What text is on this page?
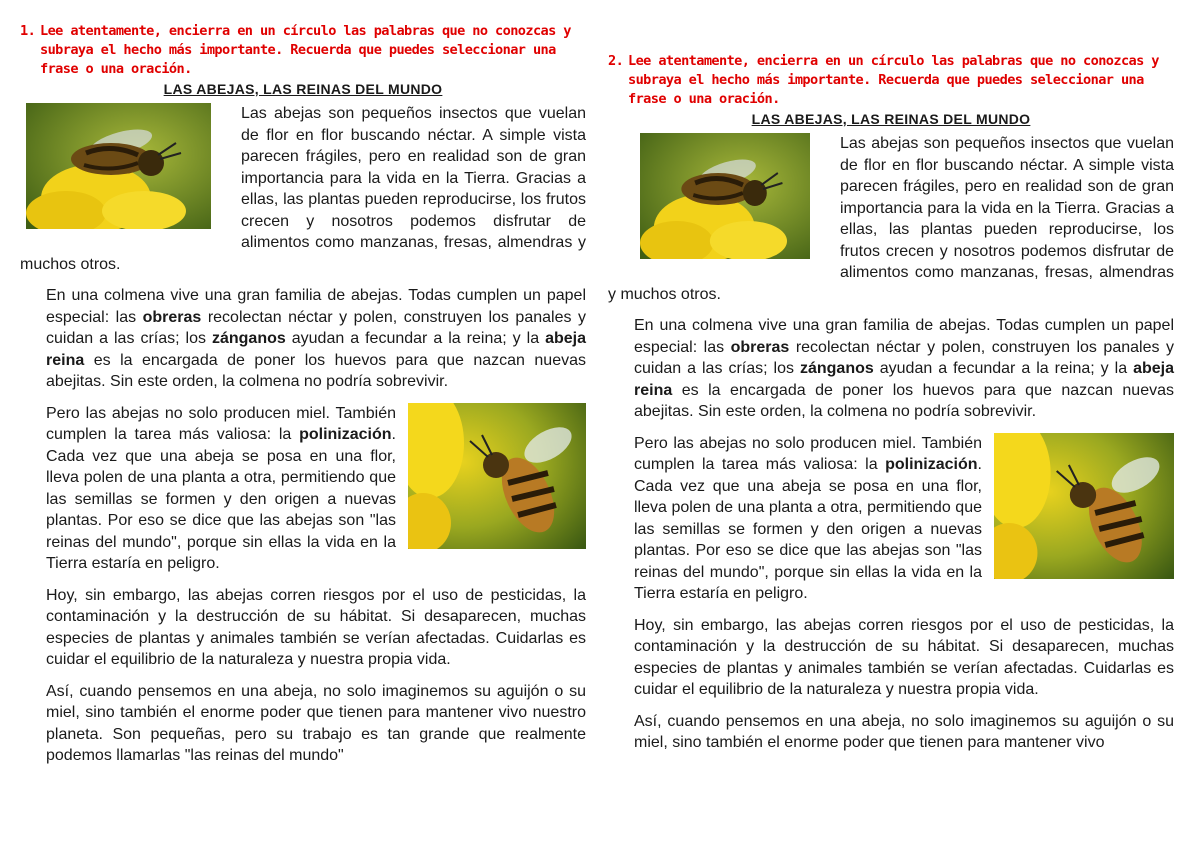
1. Lee atentamente, encierra en un círculo las palabras que no conozcas y subraya el hecho más importante. Recuerda que puedes seleccionar una frase o una oración.

LAS ABEJAS, LAS REINAS DEL MUNDO

Las abejas son pequeños insectos que vuelan de flor en flor buscando néctar. A simple vista parecen frágiles, pero en realidad son de gran importancia para la vida en la Tierra. Gracias a ellas, las plantas pueden reproducirse, los frutos crecen y nosotros podemos disfrutar de alimentos como manzanas, fresas, almendras y muchos otros.

En una colmena vive una gran familia de abejas. Todas cumplen un papel especial: las obreras recolectan néctar y polen, construyen los panales y cuidan a las crías; los zánganos ayudan a fecundar a la reina; y la abeja reina es la encargada de poner los huevos para que nazcan nuevas abejitas. Sin este orden, la colmena no podría sobrevivir.

Pero las abejas no solo producen miel. También cumplen la tarea más valiosa: la polinización. Cada vez que una abeja se posa en una flor, lleva polen de una planta a otra, permitiendo que las semillas se formen y den origen a nuevas plantas. Por eso se dice que las abejas son "las reinas del mundo", porque sin ellas la vida en la Tierra estaría en peligro.

Hoy, sin embargo, las abejas corren riesgos por el uso de pesticidas, la contaminación y la destrucción de su hábitat. Si desaparecen, muchas especies de plantas y animales también se verían afectadas. Cuidarlas es cuidar el equilibrio de la naturaleza y nuestra propia vida.

Así, cuando pensemos en una abeja, no solo imaginemos su aguijón o su miel, sino también el enorme poder que tienen para mantener vivo nuestro planeta. Son pequeñas, pero su trabajo es tan grande que realmente podemos llamarlas "las reinas del mundo"

2. Lee atentamente, encierra en un círculo las palabras que no conozcas y subraya el hecho más importante. Recuerda que puedes seleccionar una frase o una oración.

LAS ABEJAS, LAS REINAS DEL MUNDO

Las abejas son pequeños insectos que vuelan de flor en flor buscando néctar. A simple vista parecen frágiles, pero en realidad son de gran importancia para la vida en la Tierra. Gracias a ellas, las plantas pueden reproducirse, los frutos crecen y nosotros podemos disfrutar de alimentos como manzanas, fresas, almendras y muchos otros.

En una colmena vive una gran familia de abejas. Todas cumplen un papel especial: las obreras recolectan néctar y polen, construyen los panales y cuidan a las crías; los zánganos ayudan a fecundar a la reina; y la abeja reina es la encargada de poner los huevos para que nazcan nuevas abejitas. Sin este orden, la colmena no podría sobrevivir.

Pero las abejas no solo producen miel. También cumplen la tarea más valiosa: la polinización. Cada vez que una abeja se posa en una flor, lleva polen de una planta a otra, permitiendo que las semillas se formen y den origen a nuevas plantas. Por eso se dice que las abejas son "las reinas del mundo", porque sin ellas la vida en la Tierra estaría en peligro.

Hoy, sin embargo, las abejas corren riesgos por el uso de pesticidas, la contaminación y la destrucción de su hábitat. Si desaparecen, muchas especies de plantas y animales también se verían afectadas. Cuidarlas es cuidar el equilibrio de la naturaleza y nuestra propia vida.

Así, cuando pensemos en una abeja, no solo imaginemos su aguijón o su miel, sino también el enorme poder que tienen para mantener vivo
